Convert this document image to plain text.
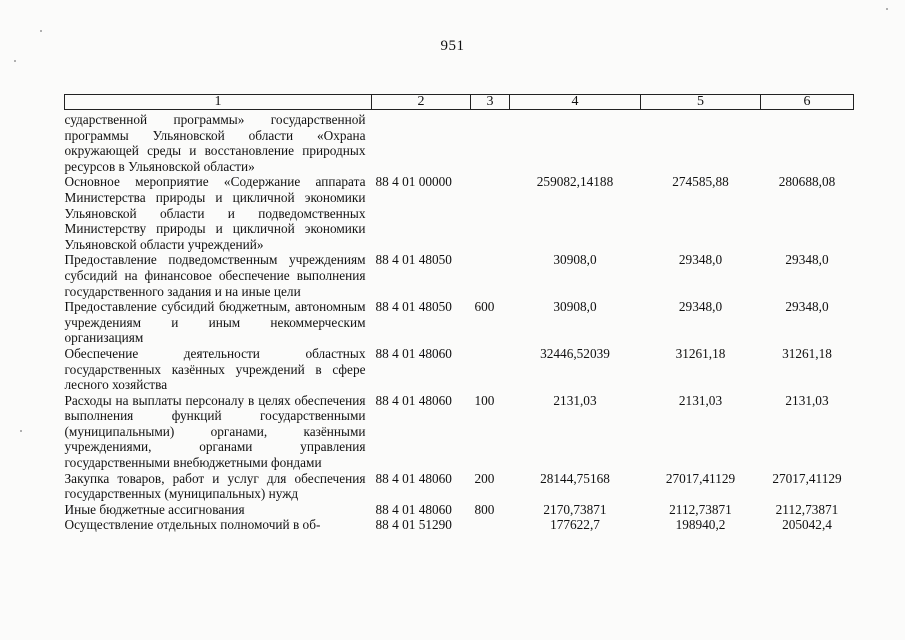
951
1	2	3	4	5	6
сударственной программы» государственной программы Ульяновской области «Охрана окружающей среды и восстановление природных ресурсов в Ульяновской области»					
Основное мероприятие «Содержание аппарата Министерства природы и цикличной экономики Ульяновской области и подведомственных Министерству природы и цикличной экономики Ульяновской области учреждений»	88 4 01 00000		259082,14188	274585,88	280688,08
Предоставление подведомственным учреждениям субсидий на финансовое обеспечение выполнения государственного задания и на иные цели	88 4 01 48050		30908,0	29348,0	29348,0
Предоставление субсидий бюджетным, автономным учреждениям и иным некоммерческим организациям	88 4 01 48050	600	30908,0	29348,0	29348,0
Обеспечение деятельности областных государственных казённых учреждений в сфере лесного хозяйства	88 4 01 48060		32446,52039	31261,18	31261,18
Расходы на выплаты персоналу в целях обеспечения выполнения функций государственными (муниципальными) органами, казёнными учреждениями, органами управления государственными внебюджетными фондами	88 4 01 48060	100	2131,03	2131,03	2131,03
Закупка товаров, работ и услуг для обеспечения государственных (муниципальных) нужд	88 4 01 48060	200	28144,75168	27017,41129	27017,41129
Иные бюджетные ассигнования	88 4 01 48060	800	2170,73871	2112,73871	2112,73871
Осуществление отдельных полномочий в об-	88 4 01 51290		177622,7	198940,2	205042,4
